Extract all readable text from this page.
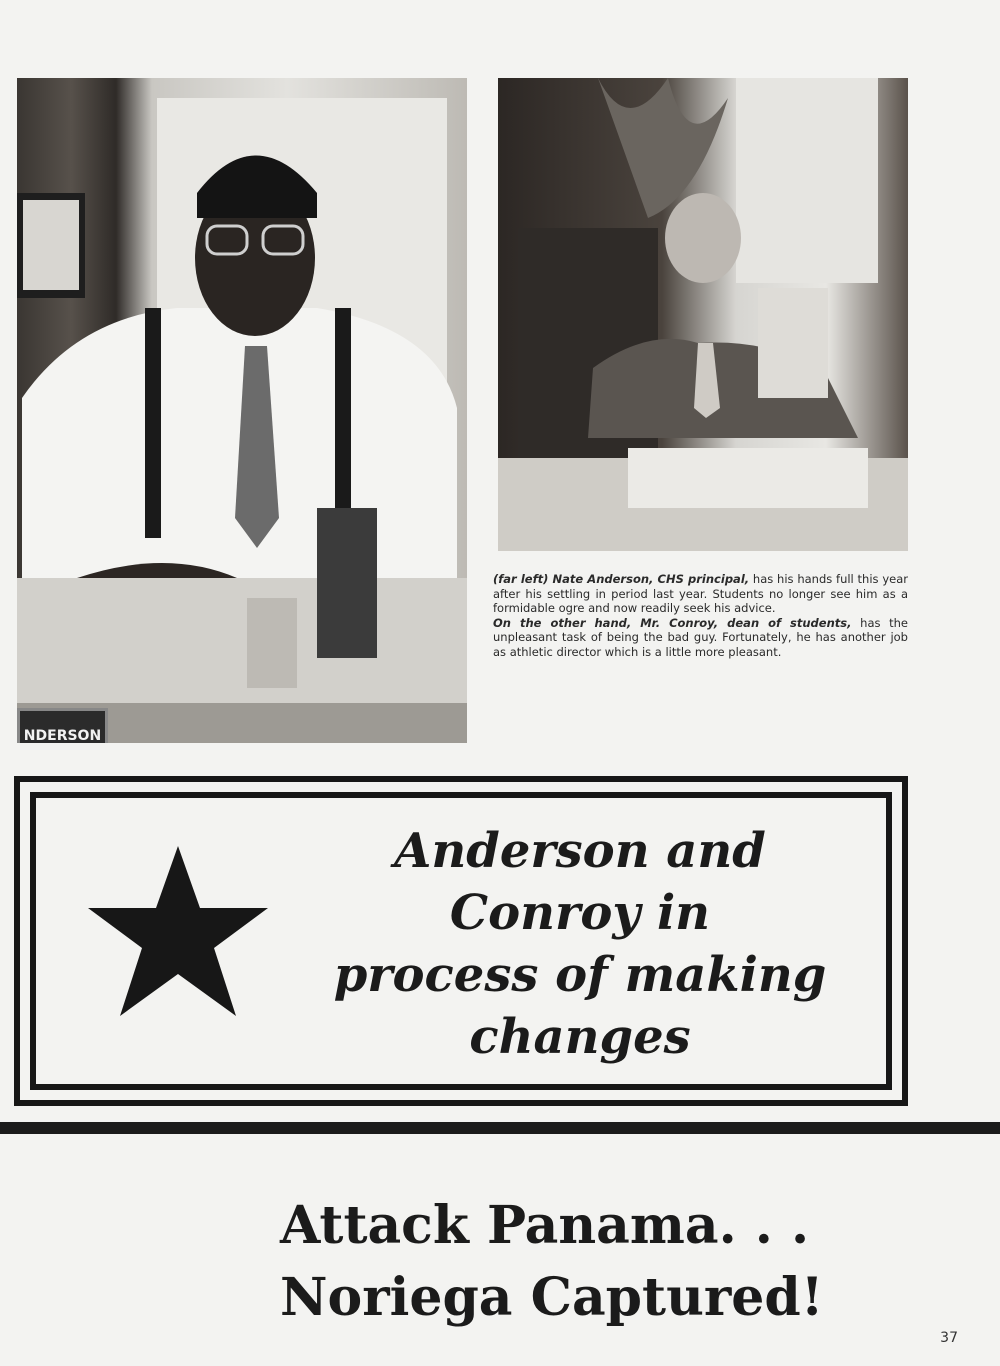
NDERSON
(far left) Nate Anderson, CHS principal, has his hands full this year after his settling in period last year. Students no longer see him as a formidable ogre and now readily seek his advice.
On the other hand, Mr. Conroy, dean of students, has the unpleasant task of being the bad guy. Fortunately, he has another job as athletic director which is a little more pleasant.
Anderson and
Conroy in
process of making
changes
Attack Panama. . .
Noriega Captured!
37
